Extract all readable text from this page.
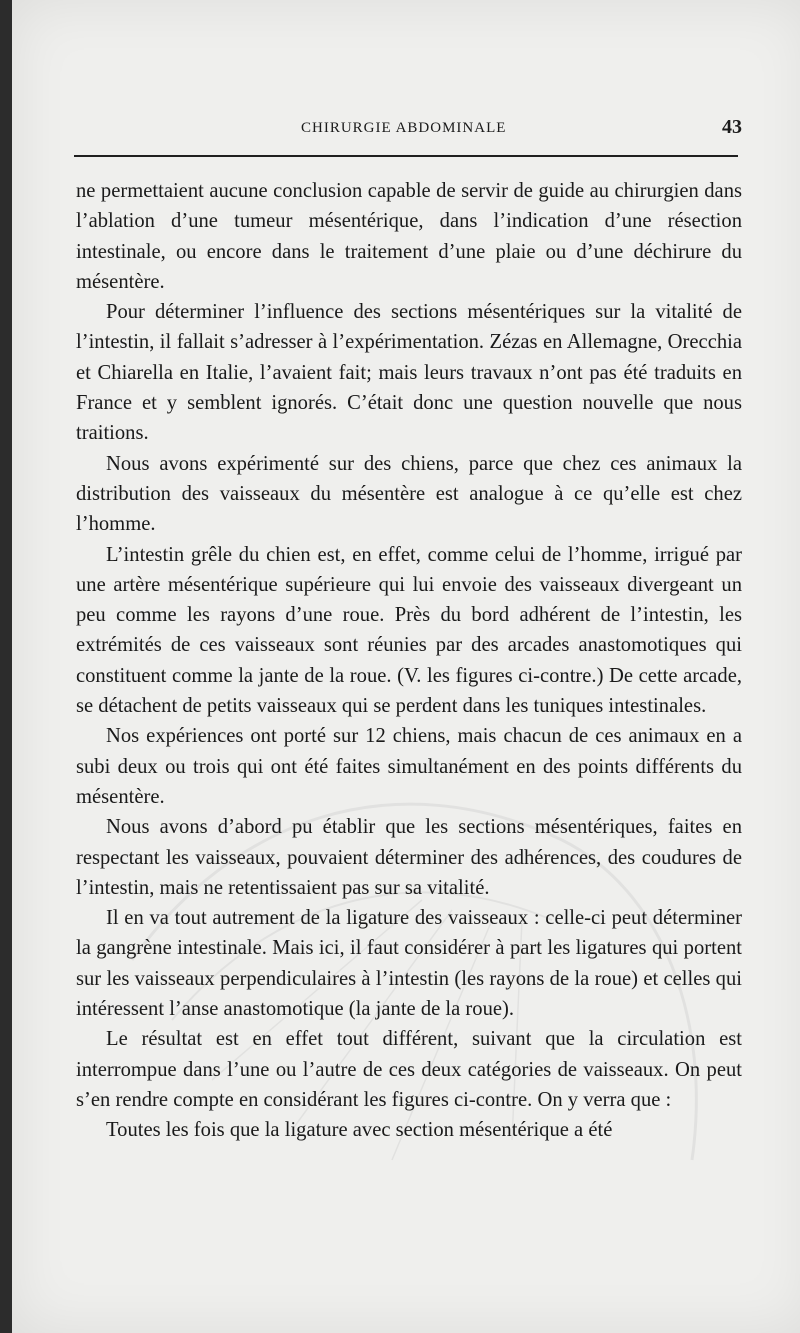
CHIRURGIE ABDOMINALE	43

ne permettaient aucune conclusion capable de servir de guide au chirurgien dans l’ablation d’une tumeur mésentérique, dans l’indication d’une résection intestinale, ou encore dans le traitement d’une plaie ou d’une déchirure du mésentère.

Pour déterminer l’influence des sections mésentériques sur la vitalité de l’intestin, il fallait s’adresser à l’expérimentation. Zézas en Allemagne, Orecchia et Chiarella en Italie, l’avaient fait; mais leurs travaux n’ont pas été traduits en France et y semblent ignorés. C’était donc une question nouvelle que nous traitions.

Nous avons expérimenté sur des chiens, parce que chez ces animaux la distribution des vaisseaux du mésentère est analogue à ce qu’elle est chez l’homme.

L’intestin grêle du chien est, en effet, comme celui de l’homme, irrigué par une artère mésentérique supérieure qui lui envoie des vaisseaux divergeant un peu comme les rayons d’une roue. Près du bord adhérent de l’intestin, les extrémités de ces vaisseaux sont réunies par des arcades anastomotiques qui constituent comme la jante de la roue. (V. les figures ci-contre.) De cette arcade, se détachent de petits vaisseaux qui se perdent dans les tuniques intestinales.

Nos expériences ont porté sur 12 chiens, mais chacun de ces animaux en a subi deux ou trois qui ont été faites simultanément en des points différents du mésentère.

Nous avons d’abord pu établir que les sections mésentériques, faites en respectant les vaisseaux, pouvaient déterminer des adhérences, des coudures de l’intestin, mais ne retentissaient pas sur sa vitalité.

Il en va tout autrement de la ligature des vaisseaux : celle-ci peut déterminer la gangrène intestinale. Mais ici, il faut considérer à part les ligatures qui portent sur les vaisseaux perpendiculaires à l’intestin (les rayons de la roue) et celles qui intéressent l’anse anastomotique (la jante de la roue).

Le résultat est en effet tout différent, suivant que la circulation est interrompue dans l’une ou l’autre de ces deux catégories de vaisseaux. On peut s’en rendre compte en considérant les figures ci-contre. On y verra que :

Toutes les fois que la ligature avec section mésentérique a été
